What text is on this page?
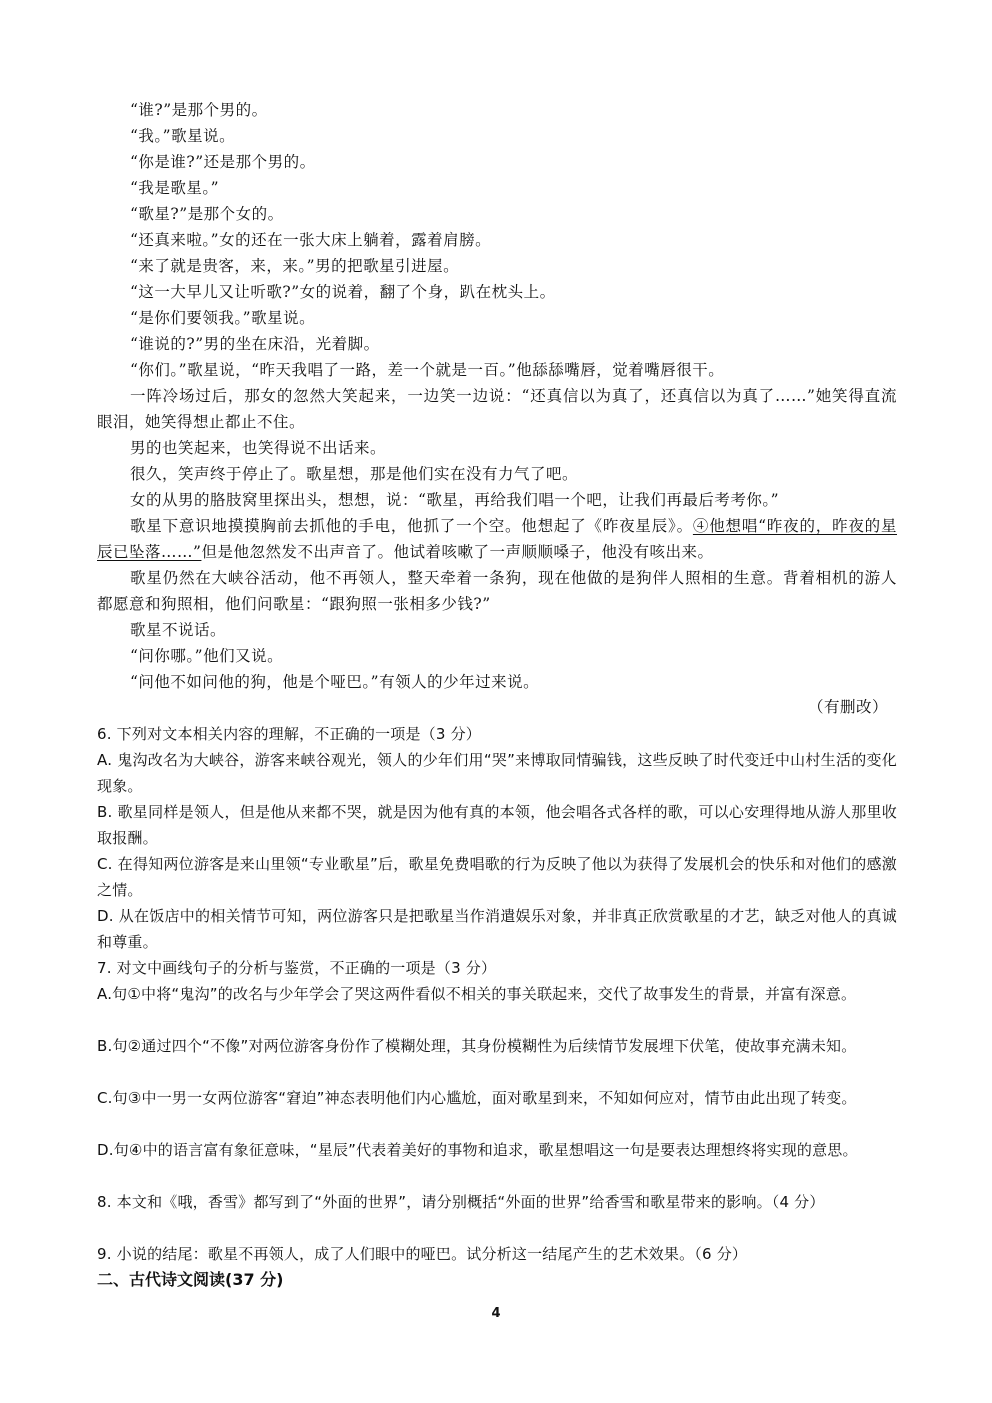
“谁?”是那个男的。

“我。”歌星说。

“你是谁?”还是那个男的。

“我是歌星。”

“歌星?”是那个女的。

“还真来啦。”女的还在一张大床上躺着，露着肩膀。

“来了就是贵客，来，来。”男的把歌星引进屋。

“这一大早儿又让听歌?”女的说着，翻了个身，趴在枕头上。

“是你们要领我。”歌星说。

“谁说的?”男的坐在床沿，光着脚。

“你们。”歌星说，“昨天我唱了一路，差一个就是一百。”他舔舔嘴唇，觉着嘴唇很干。

一阵冷场过后，那女的忽然大笑起来，一边笑一边说：“还真信以为真了，还真信以为真了……”她笑得直流眼泪，她笑得想止都止不住。

男的也笑起来，也笑得说不出话来。

很久，笑声终于停止了。歌星想，那是他们实在没有力气了吧。

女的从男的胳肢窝里探出头，想想，说：“歌星，再给我们唱一个吧，让我们再最后考考你。”

歌星下意识地摸摸胸前去抓他的手电，他抓了一个空。他想起了《昨夜星辰》。④他想唱“昨夜的，昨夜的星辰已坠落……”但是他忽然发不出声音了。他试着咳嗽了一声顺顺嗓子，他没有咳出来。

歌星仍然在大峡谷活动，他不再领人，整天牵着一条狗，现在他做的是狗伴人照相的生意。背着相机的游人都愿意和狗照相，他们问歌星：“跟狗照一张相多少钱?”

歌星不说话。

“问你哪。”他们又说。

“问他不如问他的狗，他是个哑巴。”有领人的少年过来说。

（有删改）

6. 下列对文本相关内容的理解，不正确的一项是（3 分）

A. 鬼沟改名为大峡谷，游客来峡谷观光，领人的少年们用“哭”来博取同情骗钱，这些反映了时代变迁中山村生活的变化现象。

B. 歌星同样是领人，但是他从来都不哭，就是因为他有真的本领，他会唱各式各样的歌，可以心安理得地从游人那里收取报酬。

C. 在得知两位游客是来山里领“专业歌星”后，歌星免费唱歌的行为反映了他以为获得了发展机会的快乐和对他们的感激之情。

D. 从在饭店中的相关情节可知，两位游客只是把歌星当作消遣娱乐对象，并非真正欣赏歌星的才艺，缺乏对他人的真诚和尊重。

7. 对文中画线句子的分析与鉴赏，不正确的一项是（3 分）

A.句①中将“鬼沟”的改名与少年学会了哭这两件看似不相关的事关联起来，交代了故事发生的背景，并富有深意。

B.句②通过四个“不像”对两位游客身份作了模糊处理，其身份模糊性为后续情节发展埋下伏笔，使故事充满未知。

C.句③中一男一女两位游客“窘迫”神态表明他们内心尴尬，面对歌星到来，不知如何应对，情节由此出现了转变。

D.句④中的语言富有象征意味，“星辰”代表着美好的事物和追求，歌星想唱这一句是要表达理想终将实现的意思。

8. 本文和《哦，香雪》都写到了“外面的世界”，请分别概括“外面的世界”给香雪和歌星带来的影响。（4 分）

9. 小说的结尾：歌星不再领人，成了人们眼中的哑巴。试分析这一结尾产生的艺术效果。（6 分）

二、古代诗文阅读(37 分)

4
